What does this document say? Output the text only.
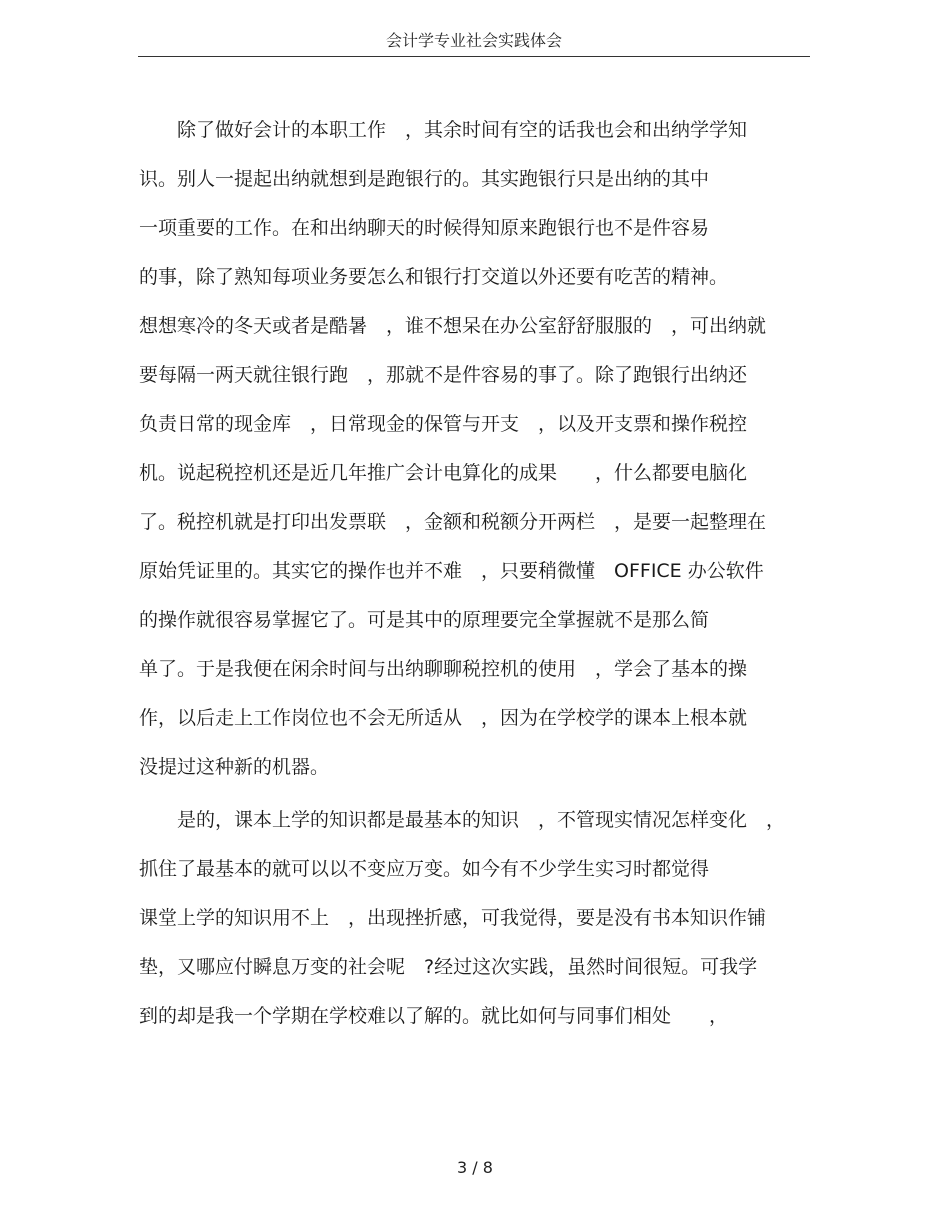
会计学专业社会实践体会
　　除了做好会计的本职工作　，其余时间有空的话我也会和出纳学学知
识。别人一提起出纳就想到是跑银行的。其实跑银行只是出纳的其中
一项重要的工作。在和出纳聊天的时候得知原来跑银行也不是件容易
的事，除了熟知每项业务要怎么和银行打交道以外还要有吃苦的精神。
想想寒冷的冬天或者是酷暑　，谁不想呆在办公室舒舒服服的　，可出纳就
要每隔一两天就往银行跑　，那就不是件容易的事了。除了跑银行出纳还
负责日常的现金库　，日常现金的保管与开支　，以及开支票和操作税控
机。说起税控机还是近几年推广会计电算化的成果　　，什么都要电脑化
了。税控机就是打印出发票联　，金额和税额分开两栏　，是要一起整理在
原始凭证里的。其实它的操作也并不难　，只要稍微懂　OFFICE 办公软件
的操作就很容易掌握它了。可是其中的原理要完全掌握就不是那么简
单了。于是我便在闲余时间与出纳聊聊税控机的使用　，学会了基本的操
作，以后走上工作岗位也不会无所适从　，因为在学校学的课本上根本就
没提过这种新的机器。
　　是的，课本上学的知识都是最基本的知识　，不管现实情况怎样变化　，
抓住了最基本的就可以以不变应万变。如今有不少学生实习时都觉得
课堂上学的知识用不上　，出现挫折感，可我觉得，要是没有书本知识作铺
垫，又哪应付瞬息万变的社会呢　?经过这次实践，虽然时间很短。可我学
到的却是我一个学期在学校难以了解的。就比如何与同事们相处　　，
3 / 8
